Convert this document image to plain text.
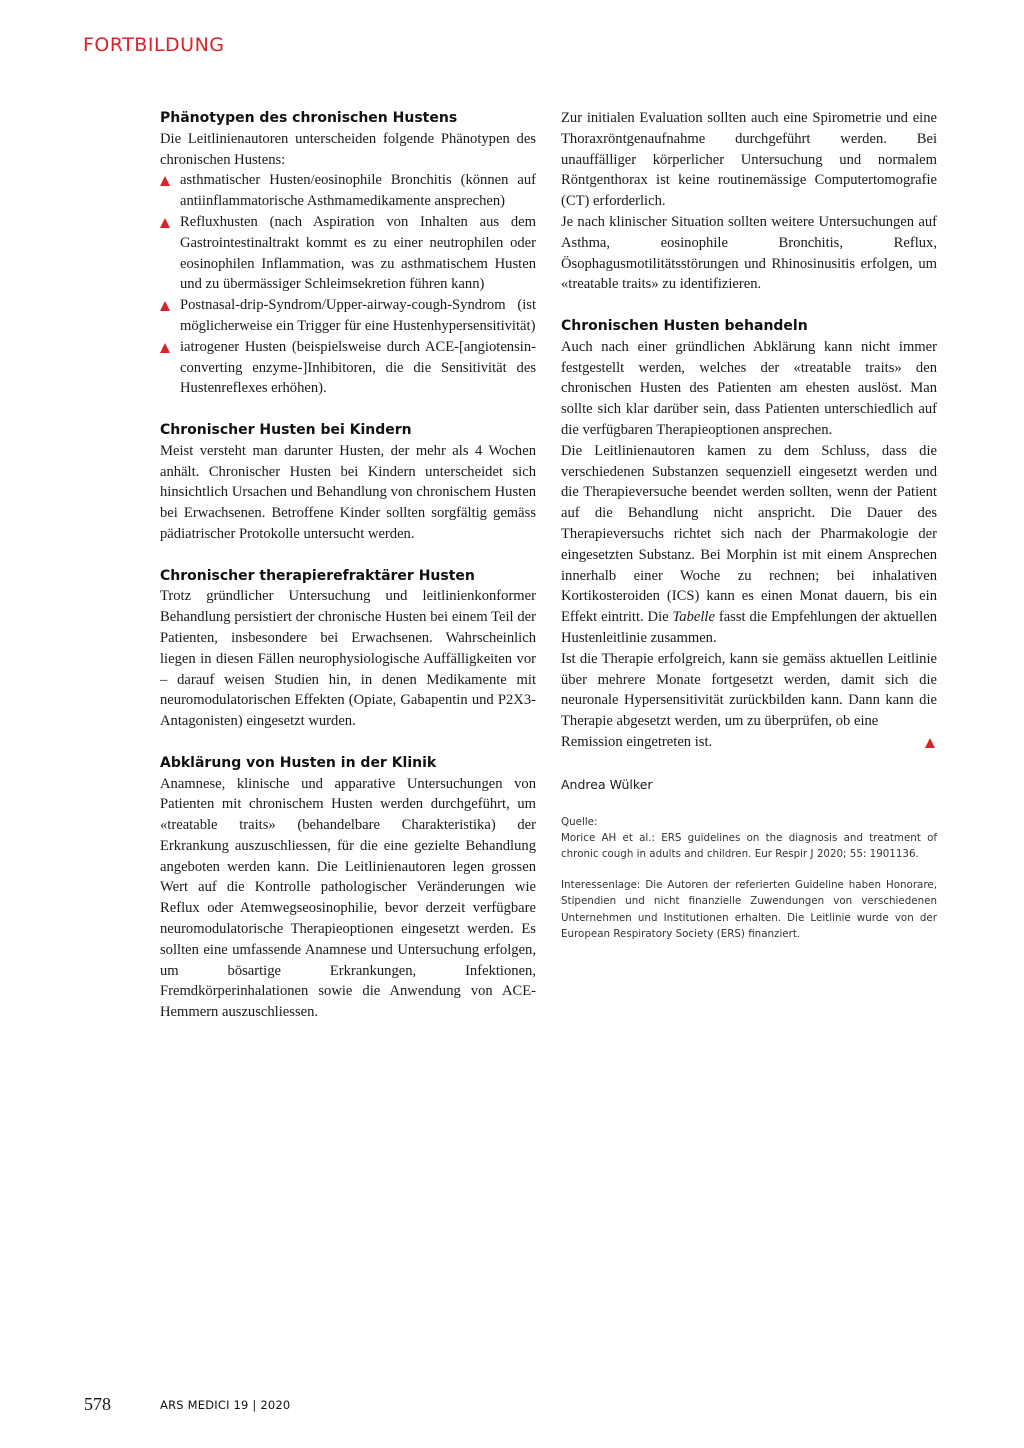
FORTBILDUNG
Phänotypen des chronischen Hustens

Die Leitlinienautoren unterscheiden folgende Phänotypen des chronischen Hustens:

asthmatischer Husten/eosinophile Bronchitis (können auf antiinflammatorische Asthmamedikamente ansprechen)
Refluxhusten (nach Aspiration von Inhalten aus dem Gastrointestinaltrakt kommt es zu einer neutrophilen oder eosinophilen Inflammation, was zu asthmatischem Husten und zu übermässiger Schleimsekretion führen kann)
Postnasal-drip-Syndrom/Upper-airway-cough-Syndrom (ist möglicherweise ein Trigger für eine Hustenhypersensitivität)
iatrogener Husten (beispielsweise durch ACE-[angiotensin-converting enzyme-]Inhibitoren, die die Sensitivität des Hustenreflexes erhöhen).
Chronischer Husten bei Kindern

Meist versteht man darunter Husten, der mehr als 4 Wochen anhält. Chronischer Husten bei Kindern unterscheidet sich hinsichtlich Ursachen und Behandlung von chronischem Husten bei Erwachsenen. Betroffene Kinder sollten sorgfältig gemäss pädiatrischer Protokolle untersucht werden.

Chronischer therapierefraktärer Husten

Trotz gründlicher Untersuchung und leitlinienkonformer Behandlung persistiert der chronische Husten bei einem Teil der Patienten, insbesondere bei Erwachsenen. Wahrscheinlich liegen in diesen Fällen neurophysiologische Auffälligkeiten vor – darauf weisen Studien hin, in denen Medikamente mit neuromodulatorischen Effekten (Opiate, Gabapentin und P2X3-Antagonisten) eingesetzt wurden.

Abklärung von Husten in der Klinik

Anamnese, klinische und apparative Untersuchungen von Patienten mit chronischem Husten werden durchgeführt, um «treatable traits» (behandelbare Charakteristika) der Erkrankung auszuschliessen, für die eine gezielte Behandlung angeboten werden kann. Die Leitlinienautoren legen grossen Wert auf die Kontrolle pathologischer Veränderungen wie Reflux oder Atemwegseosinophilie, bevor derzeit verfügbare neuromodulatorische Therapieoptionen eingesetzt werden. Es sollten eine umfassende Anamnese und Untersuchung erfolgen, um bösartige Erkrankungen, Infektionen, Fremdkörperinhalationen sowie die Anwendung von ACE-Hemmern auszuschliessen.

Zur initialen Evaluation sollten auch eine Spirometrie und eine Thoraxröntgenaufnahme durchgeführt werden. Bei unauffälliger körperlicher Untersuchung und normalem Röntgenthorax ist keine routinemässige Computertomografie (CT) erforderlich.

Je nach klinischer Situation sollten weitere Untersuchungen auf Asthma, eosinophile Bronchitis, Reflux, Ösophagusmotilitätsstörungen und Rhinosinusitis erfolgen, um «treatable traits» zu identifizieren.

Chronischen Husten behandeln

Auch nach einer gründlichen Abklärung kann nicht immer festgestellt werden, welches der «treatable traits» den chronischen Husten des Patienten am ehesten auslöst. Man sollte sich klar darüber sein, dass Patienten unterschiedlich auf die verfügbaren Therapieoptionen ansprechen.

Die Leitlinienautoren kamen zu dem Schluss, dass die verschiedenen Substanzen sequenziell eingesetzt werden und die Therapieversuche beendet werden sollten, wenn der Patient auf die Behandlung nicht anspricht. Die Dauer des Therapieversuchs richtet sich nach der Pharmakologie der eingesetzten Substanz. Bei Morphin ist mit einem Ansprechen innerhalb einer Woche zu rechnen; bei inhalativen Kortikosteroiden (ICS) kann es einen Monat dauern, bis ein Effekt eintritt. Die Tabelle fasst die Empfehlungen der aktuellen Hustenleitlinie zusammen.

Ist die Therapie erfolgreich, kann sie gemäss aktuellen Leitlinie über mehrere Monate fortgesetzt werden, damit sich die neuronale Hypersensitivität zurückbilden kann. Dann kann die Therapie abgesetzt werden, um zu überprüfen, ob eine

Remission eingetreten ist.

Andrea Wülker

Quelle:

Morice AH et al.: ERS guidelines on the diagnosis and treatment of chronic cough in adults and children. Eur Respir J 2020; 55: 1901136.

Interessenlage: Die Autoren der referierten Guideline haben Honorare, Stipendien und nicht finanzielle Zuwendungen von verschiedenen Unternehmen und Institutionen erhalten. Die Leitlinie wurde von der European Respiratory Society (ERS) finanziert.

578	ARS MEDICI 19 | 2020
